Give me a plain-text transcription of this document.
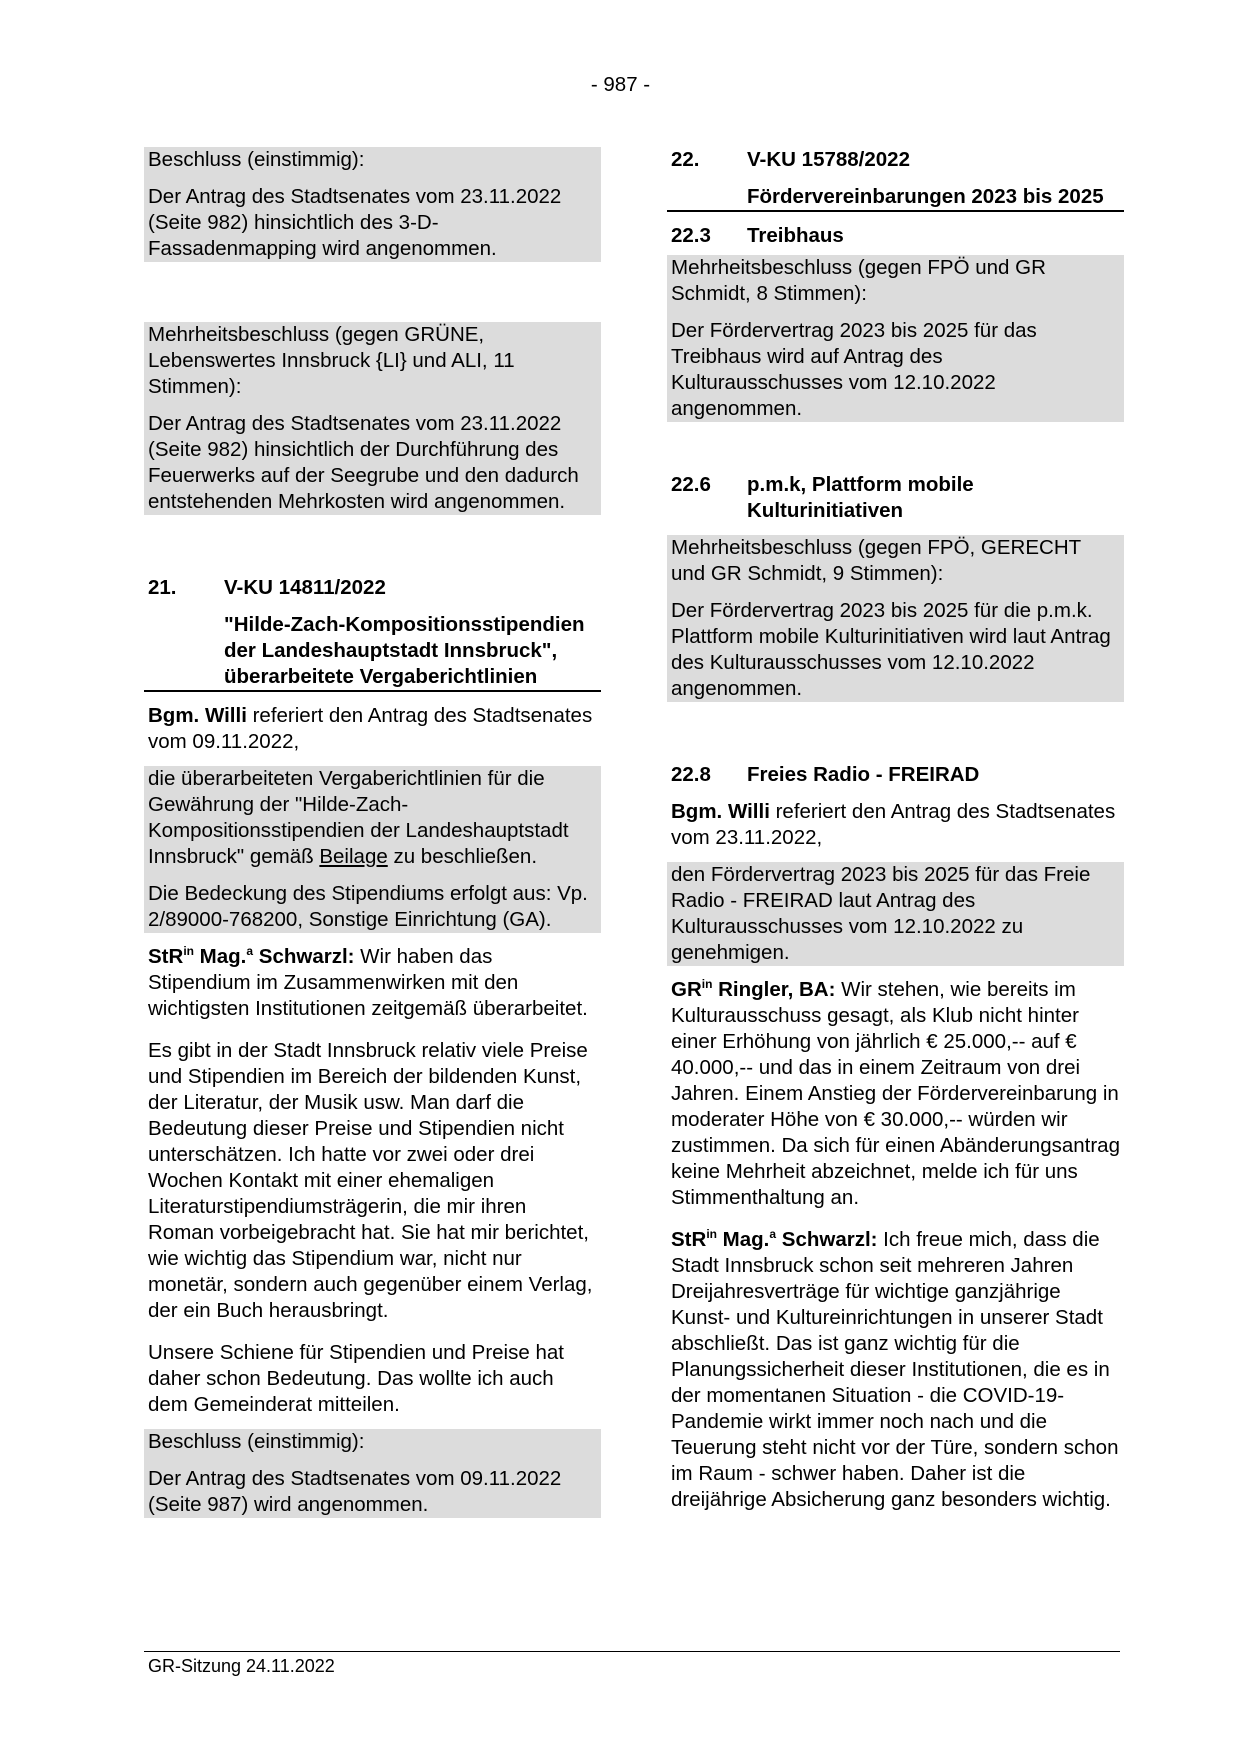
- 987 -

Beschluss (einstimmig):

Der Antrag des Stadtsenates vom 23.11.2022 (Seite 982) hinsichtlich des 3-D-Fassadenmapping wird angenommen.

Mehrheitsbeschluss (gegen GRÜNE, Lebenswertes Innsbruck {LI} und ALI, 11 Stimmen):

Der Antrag des Stadtsenates vom 23.11.2022 (Seite 982) hinsichtlich der Durchführung des Feuerwerks auf der Seegrube und den dadurch entstehenden Mehrkosten wird angenommen.

21.	V-KU 14811/2022
"Hilde-Zach-Kompositionsstipendien der Landeshauptstadt Innsbruck", überarbeitete Vergaberichtlinien

Bgm. Willi referiert den Antrag des Stadtsenates vom 09.11.2022,

die überarbeiteten Vergaberichtlinien für die Gewährung der "Hilde-Zach-Kompositionsstipendien der Landeshauptstadt Innsbruck" gemäß Beilage zu beschließen.

Die Bedeckung des Stipendiums erfolgt aus: Vp. 2/89000-768200, Sonstige Einrichtung (GA).

StR$^{in}$ Mag.$^a$ Schwarzl: Wir haben das Stipendium im Zusammenwirken mit den wichtigsten Institutionen zeitgemäß überarbeitet.

Es gibt in der Stadt Innsbruck relativ viele Preise und Stipendien im Bereich der bildenden Kunst, der Literatur, der Musik usw. Man darf die Bedeutung dieser Preise und Stipendien nicht unterschätzen. Ich hatte vor zwei oder drei Wochen Kontakt mit einer ehemaligen Literaturstipendiumsträgerin, die mir ihren Roman vorbeigebracht hat. Sie hat mir berichtet, wie wichtig das Stipendium war, nicht nur monetär, sondern auch gegenüber einem Verlag, der ein Buch herausbringt.

Unsere Schiene für Stipendien und Preise hat daher schon Bedeutung. Das wollte ich auch dem Gemeinderat mitteilen.

Beschluss (einstimmig):

Der Antrag des Stadtsenates vom 09.11.2022 (Seite 987) wird angenommen.

22.	V-KU 15788/2022
Fördervereinbarungen 2023 bis 2025
22.3	Treibhaus

Mehrheitsbeschluss (gegen FPÖ und GR Schmidt, 8 Stimmen):

Der Fördervertrag 2023 bis 2025 für das Treibhaus wird auf Antrag des Kulturausschusses vom 12.10.2022 angenommen.

22.6	p.m.k, Plattform mobile Kulturinitiativen

Mehrheitsbeschluss (gegen FPÖ, GERECHT und GR Schmidt, 9 Stimmen):

Der Fördervertrag 2023 bis 2025 für die p.m.k. Plattform mobile Kulturinitiativen wird laut Antrag des Kulturausschusses vom 12.10.2022 angenommen.

22.8	Freies Radio - FREIRAD

Bgm. Willi referiert den Antrag des Stadtsenates vom 23.11.2022,

den Fördervertrag 2023 bis 2025 für das Freie Radio - FREIRAD laut Antrag des Kulturausschusses vom 12.10.2022 zu genehmigen.

$GR^{in}$ Ringler, BA: Wir stehen, wie bereits im Kulturausschuss gesagt, als Klub nicht hinter einer Erhöhung von jährlich € 25.000,-- auf € 40.000,-- und das in einem Zeitraum von drei Jahren. Einem Anstieg der Fördervereinbarung in moderater Höhe von € 30.000,-- würden wir zustimmen. Da sich für einen Abänderungsantrag keine Mehrheit abzeichnet, melde ich für uns Stimmenthaltung an.

StR$^{in}$ Mag.$^a$ Schwarzl: Ich freue mich, dass die Stadt Innsbruck schon seit mehreren Jahren Dreijahresverträge für wichtige ganzjährige Kunst- und Kultureinrichtungen in unserer Stadt abschließt. Das ist ganz wichtig für die Planungssicherheit dieser Institutionen, die es in der momentanen Situation - die COVID-19-Pandemie wirkt immer noch nach und die Teuerung steht nicht vor der Türe, sondern schon im Raum - schwer haben. Daher ist die dreijährige Absicherung ganz besonders wichtig.

GR-Sitzung 24.11.2022
